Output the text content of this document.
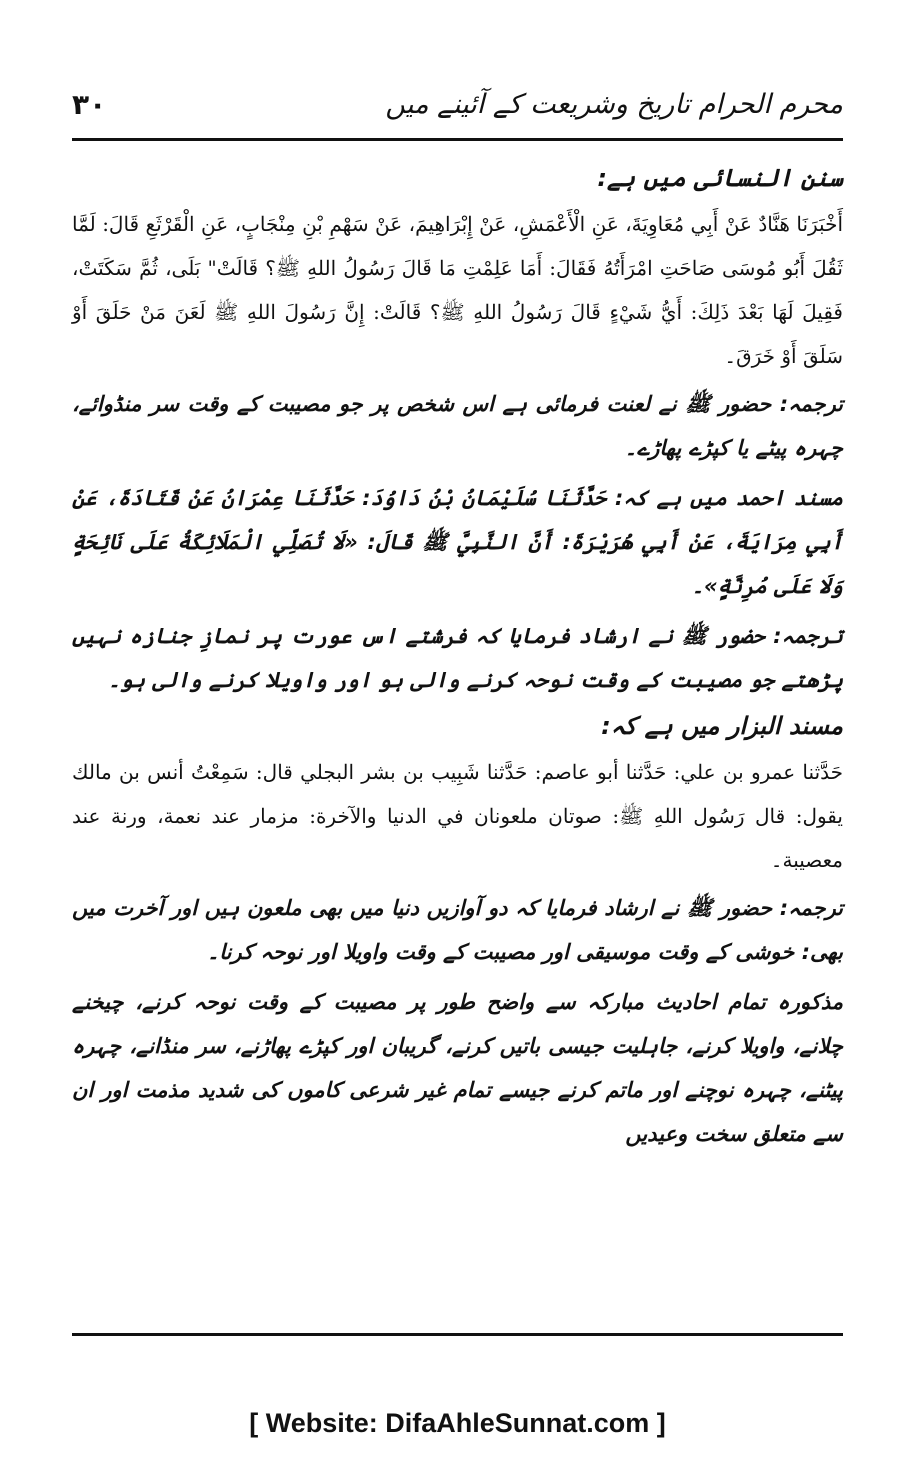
۳۰	محرم الحرام تاریخ وشریعت کے آئینے میں

سنن النسائی میں ہے:

أَخْبَرَنَا هَنَّادٌ عَنْ أَبِي مُعَاوِيَةَ، عَنِ الْأَعْمَشِ، عَنْ إِبْرَاهِيمَ، عَنْ سَهْمِ بْنِ مِنْجَابٍ، عَنِ الْقَرْثَعِ قَالَ: لَمَّا ثَقُلَ أَبُو مُوسَى صَاحَتِ امْرَأَتُهُ فَقَالَ: أَمَا عَلِمْتِ مَا قَالَ رَسُولُ اللهِ ﷺ؟ قَالَتْ" بَلَى، ثُمَّ سَكَتَتْ، فَقِيلَ لَهَا بَعْدَ ذَلِكَ: أَيُّ شَيْءٍ قَالَ رَسُولُ اللهِ ﷺ؟ قَالَتْ: إِنَّ رَسُولَ اللهِ ﷺ لَعَنَ مَنْ حَلَقَ أَوْ سَلَقَ أَوْ خَرَقَ۔

ترجمہ: حضور ﷺ نے لعنت فرمائی ہے اس شخص پر جو مصیبت کے وقت سر منڈوائے، چہرہ پیٹے یا کپڑے پھاڑے۔

مسند احمد میں ہے کہ: حَدَّثَنَا سُلَيْمَانُ بْنُ دَاوُدَ: حَدَّثَنَا عِمْرَانُ عَنْ قَتَادَةَ، عَنْ أَبِي مِرَايَةَ، عَنْ أَبِي هُرَيْرَةَ: أَنَّ النَّبِيَّ ﷺ قَالَ: «لَا تُصَلِّي الْمَلَائِكَةُ عَلَى نَائِحَةٍ وَلَا عَلَى مُرِنَّةٍ»۔

ترجمہ: حضور ﷺ نے ارشاد فرمایا کہ فرشتے اس عورت پر نمازِ جنازہ نہیں پڑھتے جو مصیبت کے وقت نوحہ کرنے والی ہو اور واویلا کرنے والی ہو۔

مسند البزار میں ہے کہ:

حَدَّثنا عمرو بن علي: حَدَّثنا أبو عاصم: حَدَّثنا شَبِيب بن بشر البجلي قال: سَمِعْتُ أنس بن مالك يقول: قال رَسُول اللهِ ﷺ: صوتان ملعونان في الدنيا والآخرة: مزمار عند نعمة، ورنة عند معصيبة۔

ترجمہ: حضور ﷺ نے ارشاد فرمایا کہ دو آوازیں دنیا میں بھی ملعون ہیں اور آخرت میں بھی: خوشی کے وقت موسیقی اور مصیبت کے وقت واویلا اور نوحہ کرنا۔

مذکورہ تمام احادیث مبارکہ سے واضح طور پر مصیبت کے وقت نوحہ کرنے، چیخنے چلانے، واویلا کرنے، جاہلیت جیسی باتیں کرنے، گریبان اور کپڑے پھاڑنے، سر منڈانے، چہرہ پیٹنے، چہرہ نوچنے اور ماتم کرنے جیسے تمام غیر شرعی کاموں کی شدید مذمت اور ان سے متعلق سخت وعیدیں

[ Website: DifaAhleSunnat.com ]
